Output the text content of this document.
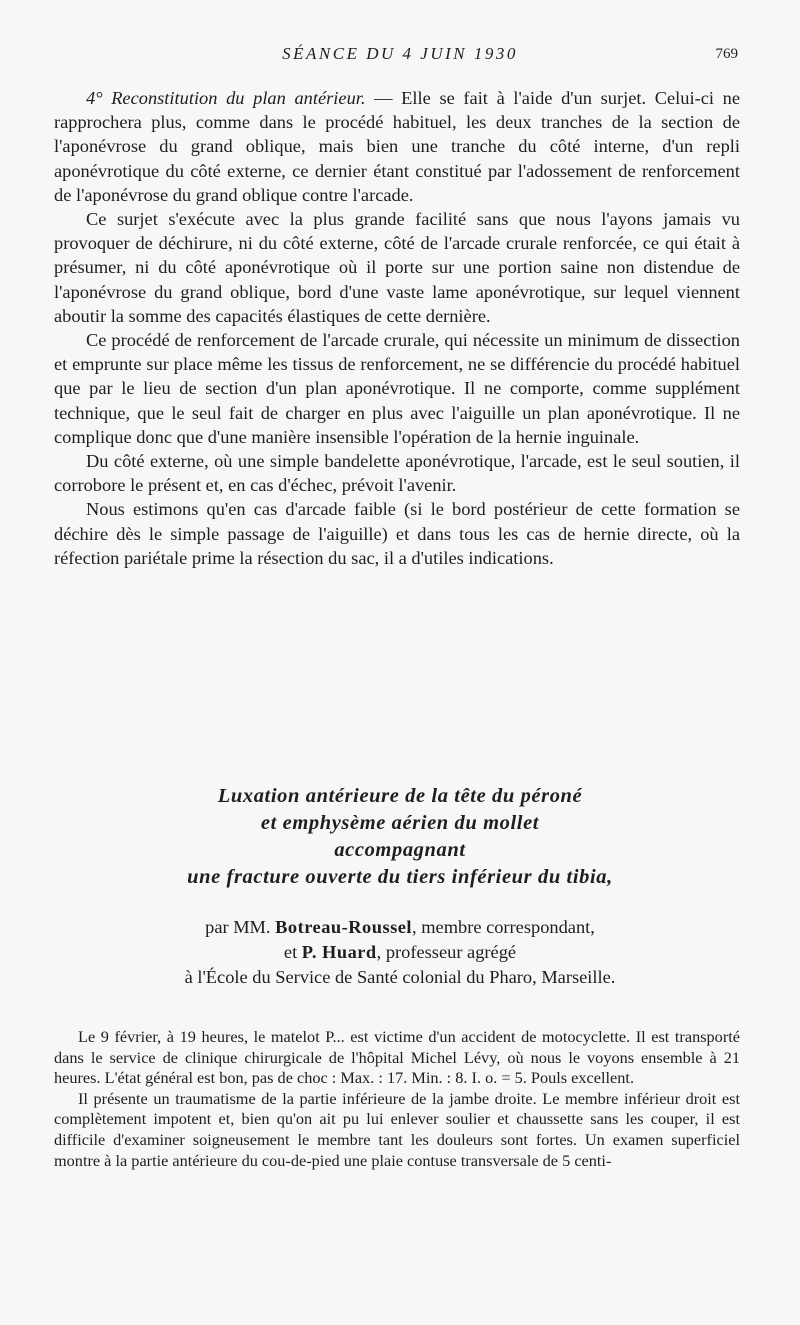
SÉANCE DU 4 JUIN 1930	769

4° Reconstitution du plan antérieur. — Elle se fait à l'aide d'un surjet. Celui-ci ne rapprochera plus, comme dans le procédé habituel, les deux tranches de la section de l'aponévrose du grand oblique, mais bien une tranche du côté interne, d'un repli aponévrotique du côté externe, ce dernier étant constitué par l'adossement de renforcement de l'aponévrose du grand oblique contre l'arcade.

Ce surjet s'exécute avec la plus grande facilité sans que nous l'ayons jamais vu provoquer de déchirure, ni du côté externe, côté de l'arcade crurale renforcée, ce qui était à présumer, ni du côté aponévrotique où il porte sur une portion saine non distendue de l'aponévrose du grand oblique, bord d'une vaste lame aponévrotique, sur lequel viennent aboutir la somme des capacités élastiques de cette dernière.

Ce procédé de renforcement de l'arcade crurale, qui nécessite un minimum de dissection et emprunte sur place même les tissus de renforcement, ne se différencie du procédé habituel que par le lieu de section d'un plan aponévrotique. Il ne comporte, comme supplément technique, que le seul fait de charger en plus avec l'aiguille un plan aponévrotique. Il ne complique donc que d'une manière insensible l'opération de la hernie inguinale.

Du côté externe, où une simple bandelette aponévrotique, l'arcade, est le seul soutien, il corrobore le présent et, en cas d'échec, prévoit l'avenir.

Nous estimons qu'en cas d'arcade faible (si le bord postérieur de cette formation se déchire dès le simple passage de l'aiguille) et dans tous les cas de hernie directe, où la réfection pariétale prime la résection du sac, il a d'utiles indications.

Luxation antérieure de la tête du péroné
et emphysème aérien du mollet
accompagnant
une fracture ouverte du tiers inférieur du tibia,
par MM. Botreau-Roussel, membre correspondant,
et P. Huard, professeur agrégé
à l'École du Service de Santé colonial du Pharo, Marseille.

Le 9 février, à 19 heures, le matelot P... est victime d'un accident de motocyclette. Il est transporté dans le service de clinique chirurgicale de l'hôpital Michel Lévy, où nous le voyons ensemble à 21 heures. L'état général est bon, pas de choc : Max. : 17. Min. : 8. I. o. = 5. Pouls excellent.

Il présente un traumatisme de la partie inférieure de la jambe droite. Le membre inférieur droit est complètement impotent et, bien qu'on ait pu lui enlever soulier et chaussette sans les couper, il est difficile d'examiner soigneusement le membre tant les douleurs sont fortes. Un examen superficiel montre à la partie antérieure du cou-de-pied une plaie contuse transversale de 5 centi-
